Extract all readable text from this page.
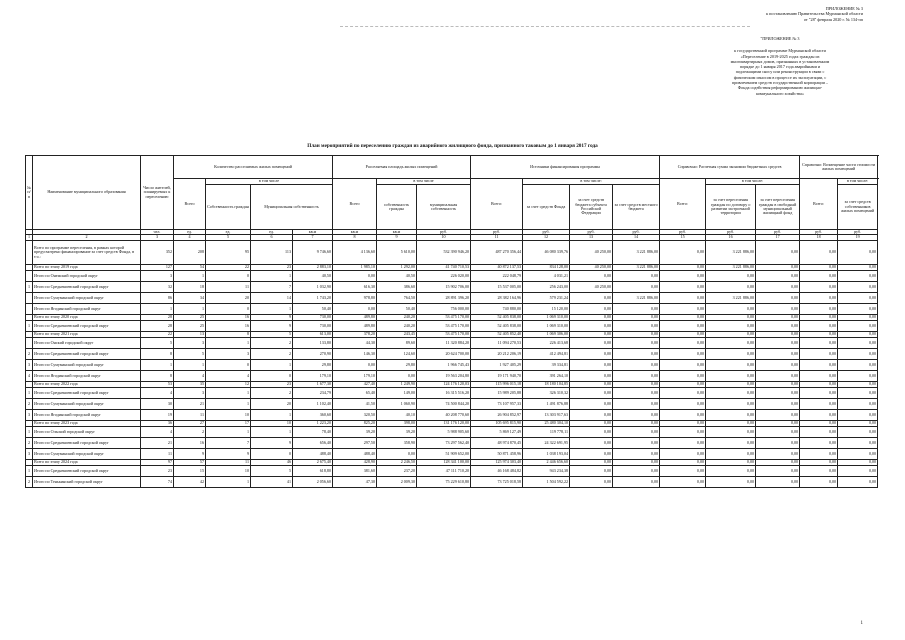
ПРИЛОЖЕНИЕ № 3
к постановлению Правительства Мурманской области
от "28" февраля 2020 г. № 134-пп
"ПРИЛОЖЕНИЕ № 3
к государственной программе Мурманской области
«Переселение в 2019-2025 годах граждан из
многоквартирных домов, признанных в установленном
порядке до 1 января 2017 года аварийными и
подлежащими сносу или реконструкции в связи с
физическим износом в процессе их эксплуатации, с
привлечением средств государственной корпорации –
Фонда содействия реформированию жилищно-
коммунального хозяйства»
План мероприятий по переселению граждан из аварийного жилищного фонда, признанного таковым до 1 января 2017 года
№ п/п	Наименование муниципального образования	Число жителей, планируемых к переселению	Количество расселяемых жилых помещений				Расселяемая площадь жилых помещений			Источники финансирования программы				Справочно: Расчетная сумма экономии бюджетных средств			Справочно: Возмещение части стоимости жилых помещений		
			Всего	в том числе			Всего	в том числе		Всего:	в том числе:			Всего:	в том числе:		Всего:	в том числе:	
				Собственность граждан	Муниципальная собственность			собственность граждан	муниципальная собственность		за счет средств Фонда	за счет средств бюджета субъекта Российской Федерации	за счет средств местного бюджета		за счет переселения граждан по договору о развитии застроенной территории	за счет переселения граждан в свободный муниципальный жилищный фонд		за счет средств собственников жилых помещений	
		чел.	ед.	ед.	ед.	кв.м	кв.м	кв.м	руб.	руб.	руб.	руб.	руб.	руб.	руб.	руб.	руб.	руб.	
1	2	3	4	5	6	7	8	9	10	11	12	13	14	15	16	17	18	19	
	Всего по программе переселения, в рамках которой предусмотрено финансирование за счет средств Фонда, в т.ч.:	352	208	95	113	9 746,60	4 136,60	5 610,00	532 390 946,20	487 270 356,44	46 080 339,76	40 250,00	3 221 886,00	0,00	3 221 886,00	0,00	0,00	0,00	
	Всего по этапу 2019 года	127	54	22	23	2 883,10	1 985,10	1 292,00	41 740 710,53	40 872 137,53	834 128,00	40 250,00	3 221 886,00	0,00	3 221 886,00	0,00	0,00	0,00	
	Итого по Онежский городской округ	3	1	0	1	40,50	0,00	40,50	226 020,00	222 048,79	4 031,21	0,00	0,00	0,00	0,00	0,00	0,00	0,00	
1	Итого по Среднекиевский городской округ	32	18	11	7	1 032,90	616,30	386,60	15 902 706,00	15 537 005,00	256 243,00	40 250,00	0,00	0,00	0,00	0,00	0,00	0,00	
	Итого по Сумуманский городской округ	86	34	20	14	1 743,20	978,80	764,50	28 891 396,20	28 382 164,96	579 231,24	0,00	3 221 886,00	0,00	3 221 886,00	0,00	0,00	0,00	
	Итого по Ягодинский городской округ	1	1	0	1	50,40	0,00	50,40	756 000,00	740 880,00	15 120,00	0,00	0,00	0,00	0,00	0,00	0,00	0,00	
	Всего по этапу 2020 года	28	25	16	9	730,00	489,80	240,20	53 475 170,00	52 405 838,00	1 069 310,00	0,00	0,00	0,00	0,00	0,00	0,00	0,00	
1	Итого по Среднекиевский городской округ	28	25	16	9	730,00	489,80	240,20	53 475 170,00	52 405 838,00	1 069 310,00	0,00	0,00	0,00	0,00	0,00	0,00	0,00	
	Всего по этапу 2021 года	22	13	8	5	613,00	378,20	243,45	53 475 170,00	52 405 852,40	1 069 306,00	0,00	0,00	0,00	0,00	0,00	0,00	0,00	
	Итого по Онский городской округ	5	3	1	2	133,80	44,30	89,60	11 320 884,20	11 094 270,53	226 413,68	0,00	0,00	0,00	0,00	0,00	0,00	0,00	
2	Итого по Среднекиевский городской округ	8	5	3	2	270,90	146,30	124,60	20 624 700,00	20 212 206,19	412 494,81	0,00	0,00	0,00	0,00	0,00	0,00	0,00	
3	Итого по Сумуманский городской округ	1	1	0	1	29,80	0,00	29,80	1 966 745,43	1 927 405,29	39 334,81	0,00	0,00	0,00	0,00	0,00	0,00	0,00	
4	Итого по Ягодинский городской округ	8	4	4	0	179,10	179,10	0,00	19 563 204,80	19 171 940,70	391 264,10	0,00	0,00	0,00	0,00	0,00	0,00	0,00	
	Всего по этапу 2022 года	53	35	12	23	1 677,30	427,40	1 249,90	124 176 120,03	115 996 015,18	18 180 104,85	0,00	0,00	0,00	0,00	0,00	0,00	0,00	
1	Итого по Среднекиевский городской округ	4	3	1	2	234,79	65,40	149,00	16 315 516,20	15 989 205,88	326 310,32	0,00	0,00	0,00	0,00	0,00	0,00	0,00	
2	Итого по Сумуманский городской округ	30	21	1	20	1 102,40	41,50	1 060,90	74 500 844,20	73 107 957,33	1 491 876,88	0,00	0,00	0,00	0,00	0,00	0,00	0,00	
3	Итого по Ягодинский городской округ	19	11	10	1	360,60	320,50	40,10	40 208 770,60	26 904 852,97	13 303 917,63	0,00	0,00	0,00	0,00	0,00	0,00	0,00	
	Всего по этапу 2023 года	36	27	17	10	1 223,20	825,20	398,00	131 176 120,00	105 695 815,90	25 480 304,10	0,00	0,00	0,00	0,00	0,00	0,00	0,00	
1	Итого по Ольский городской округ	4	2	1	1	78,40	39,20	39,20	5 988 905,60	5 869 127,49	119 778,11	0,00	0,00	0,00	0,00	0,00	0,00	0,00	
2	Итого по Среднекиевский городской округ	21	16	7	9	656,40	297,50	358,90	73 297 562,40	48 974 870,45	24 322 691,95	0,00	0,00	0,00	0,00	0,00	0,00	0,00	
3	Итого по Сумуманский городской округ	11	9	9	0	488,40	488,40	0,00	51 909 652,00	50 871 458,96	1 038 193,04	0,00	0,00	0,00	0,00	0,00	0,00	0,00	
	Всего по этапу 2024 года	97	57	11	46	2 675,40	428,90	2 246,50	128 341 100,00	125 974 303,40	2 446 656,60	0,00	0,00	0,00	0,00	0,00	0,00	0,00	
1	Итого по Среднекиевский городской округ	23	15	10	5	618,80	381,60	237,20	47 111 710,20	46 168 484,82	943 234,38	0,00	0,00	0,00	0,00	0,00	0,00	0,00	
2	Итого по Тенькинский городской округ	74	42	1	41	2 056,60	47,30	2 009,30	75 229 610,80	73 725 018,58	1 504 592,22	0,00	0,00	0,00	0,00	0,00	0,00	0,00	
1
